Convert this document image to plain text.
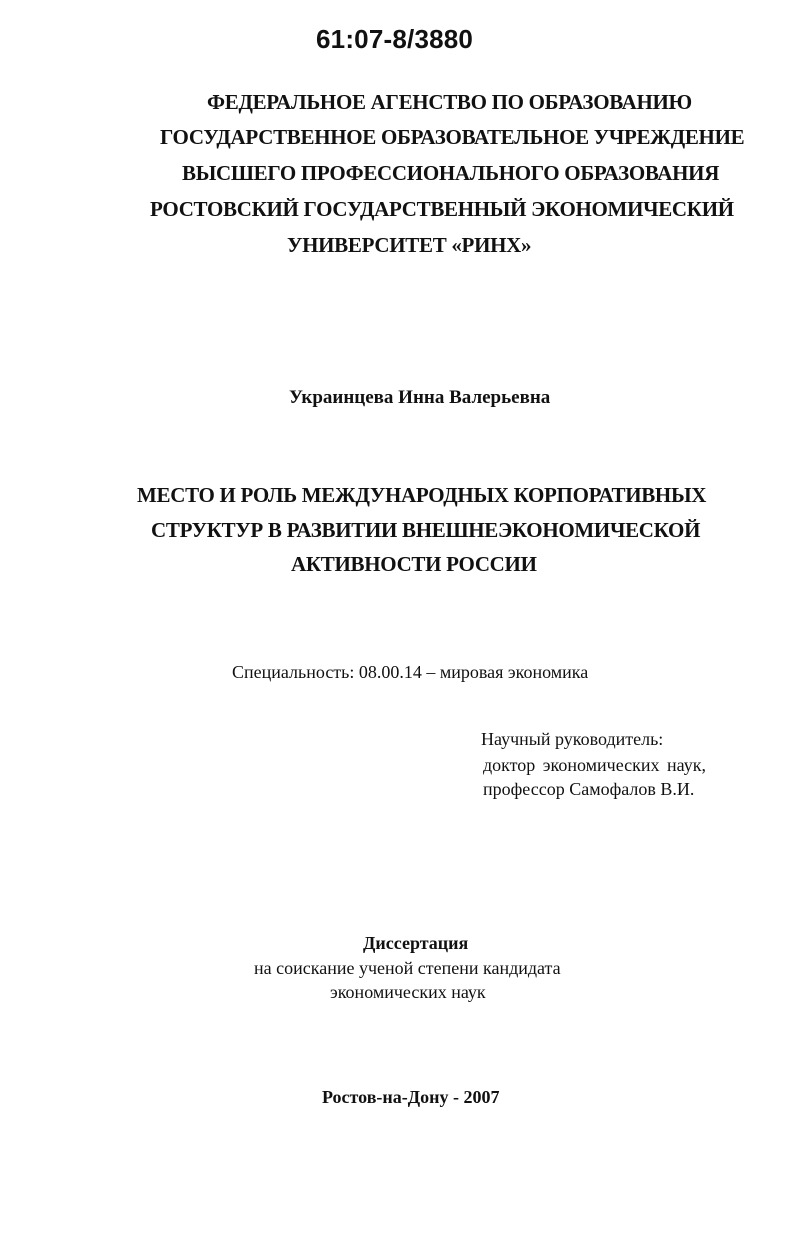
61:07-8/3880
ФЕДЕРАЛЬНОЕ АГЕНСТВО ПО ОБРАЗОВАНИЮ
ГОСУДАРСТВЕННОЕ ОБРАЗОВАТЕЛЬНОЕ УЧРЕЖДЕНИЕ
ВЫСШЕГО ПРОФЕССИОНАЛЬНОГО ОБРАЗОВАНИЯ
РОСТОВСКИЙ ГОСУДАРСТВЕННЫЙ ЭКОНОМИЧЕСКИЙ
УНИВЕРСИТЕТ «РИНХ»
Украинцева Инна Валерьевна
МЕСТО И РОЛЬ МЕЖДУНАРОДНЫХ КОРПОРАТИВНЫХ
СТРУКТУР В РАЗВИТИИ ВНЕШНЕЭКОНОМИЧЕСКОЙ
АКТИВНОСТИ РОССИИ
Специальность: 08.00.14 – мировая экономика
Научный руководитель:
доктор экономических наук,
профессор Самофалов В.И.
Диссертация
на соискание ученой степени кандидата
экономических наук
Ростов-на-Дону - 2007
